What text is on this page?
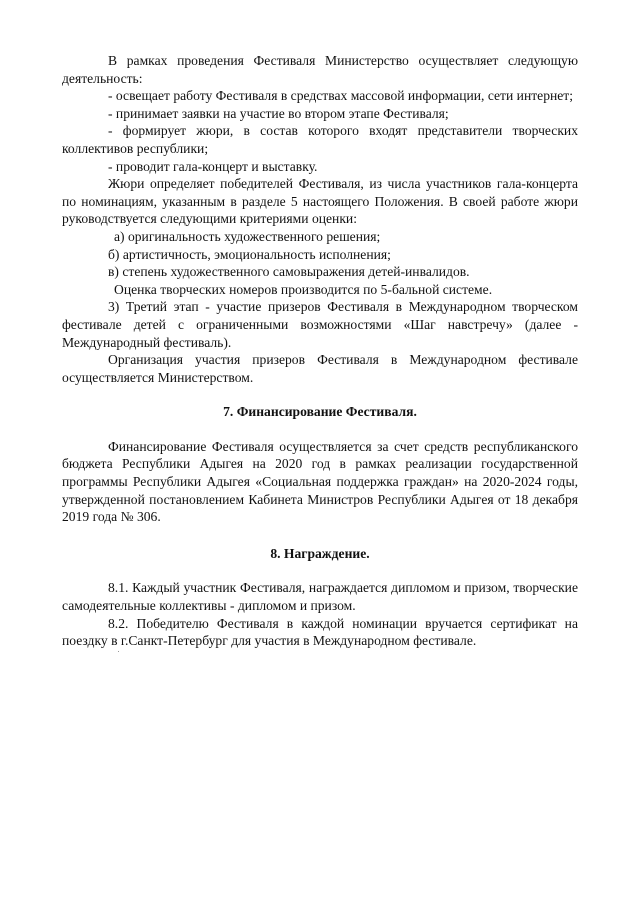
В рамках проведения Фестиваля Министерство осуществляет следующую деятельность:

- освещает работу Фестиваля в средствах массовой информации, сети интернет;

- принимает заявки на участие во втором этапе Фестиваля;

- формирует жюри, в состав которого входят представители творческих коллективов республики;

- проводит гала-концерт и выставку.

Жюри определяет победителей Фестиваля, из числа участников гала-концерта по номинациям, указанным в разделе 5 настоящего Положения. В своей работе жюри руководствуется следующими критериями оценки:

а) оригинальность художественного решения;

б) артистичность, эмоциональность исполнения;

в) степень художественного самовыражения детей-инвалидов.

Оценка творческих номеров производится по 5-бальной системе.

3) Третий этап - участие призеров Фестиваля в Международном творческом фестивале детей с ограниченными возможностями «Шаг навстречу» (далее - Международный фестиваль).

Организация участия призеров Фестиваля в Международном фестивале осуществляется Министерством.

7. Финансирование Фестиваля.

Финансирование Фестиваля осуществляется за счет средств республиканского бюджета Республики Адыгея на 2020 год в рамках реализации государственной программы Республики Адыгея «Социальная поддержка граждан» на 2020-2024 годы, утвержденной постановлением Кабинета Министров Республики Адыгея от 18 декабря 2019 года № 306.

8. Награждение.

8.1. Каждый участник Фестиваля, награждается дипломом и призом, творческие самодеятельные коллективы - дипломом и призом.

8.2. Победителю Фестиваля в каждой номинации вручается сертификат на поездку в г.Санкт-Петербург для участия в Международном фестивале.
